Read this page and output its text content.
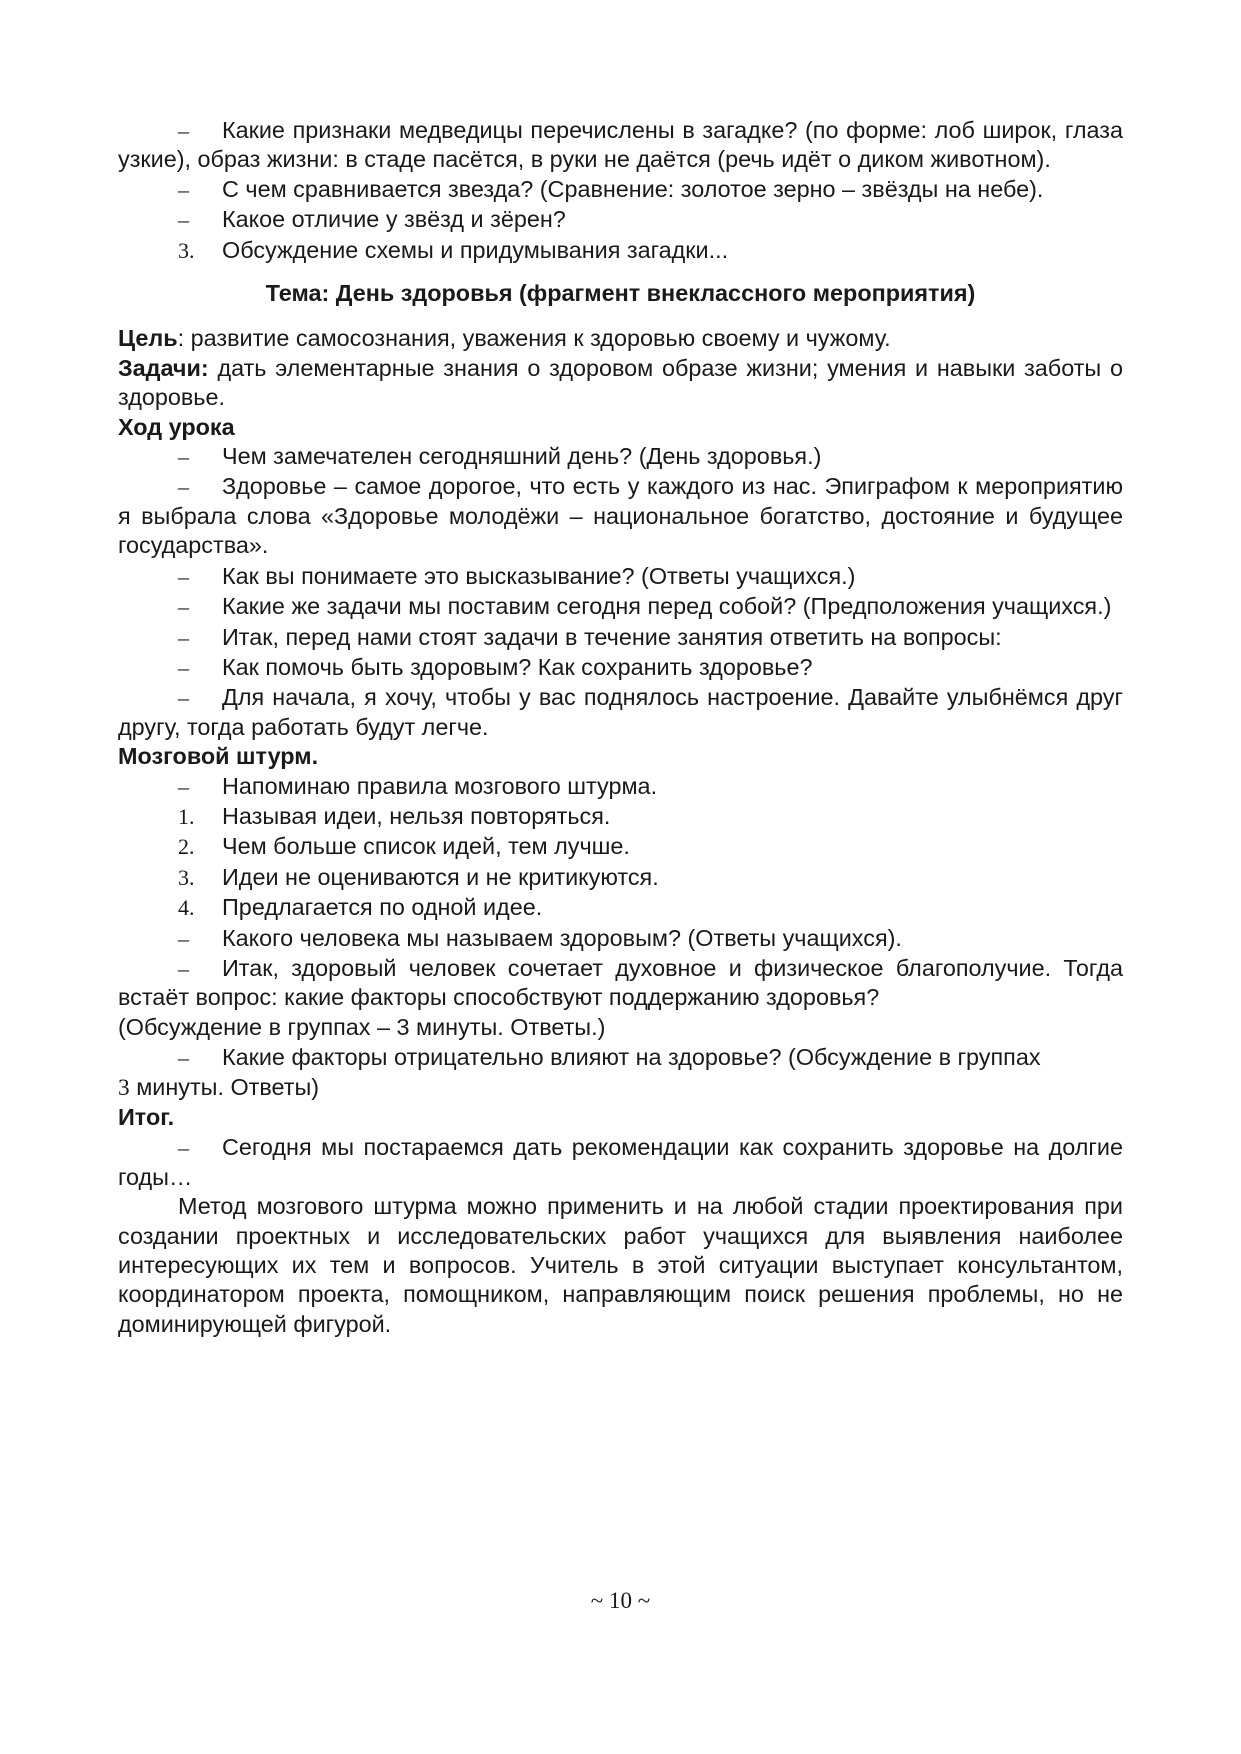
– Какие признаки медведицы перечислены в загадке? (по форме: лоб широк, глаза узкие), образ жизни: в стаде пасётся, в руки не даётся (речь идёт о диком животном).

–	С чем сравнивается звезда? (Сравнение: золотое зерно – звёзды на небе).
–	Какое отличие у звёзд и зёрен?
3.	Обсуждение схемы и придумывания загадки...

Тема: День здоровья (фрагмент внеклассного мероприятия)

Цель: развитие самосознания, уважения к здоровью своему и чужому.

Задачи: дать элементарные знания о здоровом образе жизни; умения и навыки заботы о здоровье.

Ход урока

–	Чем замечателен сегодняшний день? (День здоровья.)

– Здоровье – самое дорогое, что есть у каждого из нас. Эпиграфом к мероприятию я выбрала слова «Здоровье молодёжи – национальное богатство, достояние и будущее государства».

–	Как вы понимаете это высказывание? (Ответы учащихся.)

– Какие же задачи мы поставим сегодня перед собой? (Предположения учащихся.)

–	Итак, перед нами стоят задачи в течение занятия ответить на вопросы:
–	Как помочь быть здоровым? Как сохранить здоровье?

– Для начала, я хочу, чтобы у вас поднялось настроение. Давайте улыбнёмся друг другу, тогда работать будут легче.

Мозговой штурм.

–	Напоминаю правила мозгового штурма.
1.	Называя идеи, нельзя повторяться.
2.	Чем больше список идей, тем лучше.
3.	Идеи не оцениваются и не критикуются.
4.	Предлагается по одной идее.
–	Какого человека мы называем здоровым? (Ответы учащихся).

– Итак, здоровый человек сочетает духовное и физическое благополучие. Тогда встаёт вопрос: какие факторы способствуют поддержанию здоровья?

(Обсуждение в группах – 3 минуты. Ответы.)

– Какие факторы отрицательно влияют на здоровье? (Обсуждение в группах
3 минуты. Ответы)

Итог.

– Сегодня мы постараемся дать рекомендации как сохранить здоровье на долгие годы…

Метод мозгового штурма можно применить и на любой стадии проектирования при создании проектных и исследовательских работ учащихся для выявления наиболее интересующих их тем и вопросов. Учитель в этой ситуации выступает консультантом, координатором проекта, помощником, направляющим поиск решения проблемы, но не доминирующей фигурой.

~ 10 ~
